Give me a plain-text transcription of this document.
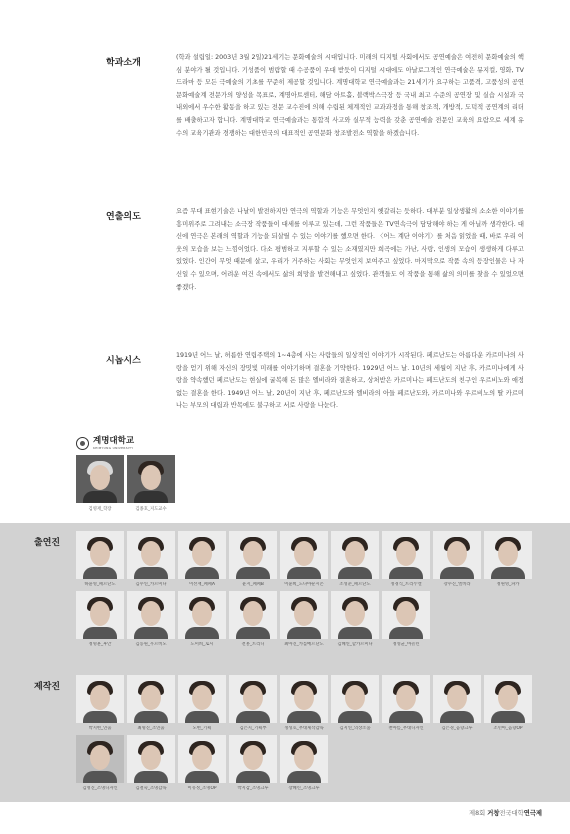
학과소개

(학과 설립일: 2003년 3월 2일)21세기는 문화예술의 시대입니다. 미래의 디지털 사회에서도 공연예술은 여전히 문화예술의 핵심 분야가 될 것입니다. 기성품이 범람할 때 수공품이 우대 받듯이 디지털 시대에도 아날로그적인 연극예술은 뮤지컬, 영화, TV드라마 등 모든 극예술의 기초를 꾸준히 제공할 것입니다. 계명대학교 연극예술과는 21세기가 요구하는 고품격, 고품성의 공연문화예술계 전문가의 양성을 목표로, 계명아트센터, 해담 아트홀, 블랙박스극장 등 국내 최고 수준의 공연장 및 실습 시설과 국내외에서 우수한 활동을 하고 있는 전문 교수진에 의해 수립된 체계적인 교과과정을 통해 창조적, 개방적, 도덕적 공연계의 리더를 배출하고자 합니다. 계명대학교 연극예술과는 통합적 사고와 실무적 능력을 갖춘 공연예술 전문인 교육의 요람으로 세계 유수의 교육기관과 경쟁하는 대한민국의 대표적인 공연문화 창조발전소 역할을 하겠습니다.

연출의도

요즘 무대 표현기술은 나날이 발전하지만 연극의 역할과 기능은 무엇인지 헷갈리는 듯하다. 대부분 일상생활의 소소한 이야기를 흥미위주로 그려내는 소극장 작품들이 대세를 이루고 있는데, 그런 작품들은 TV연속극이 담당해야 하는 게 아닐까 생각한다. 대신에 연극은 본래의 역할과 기능을 되살릴 수 있는 이야기를 했으면 한다. 〈어느 계단 이야기〉를 처음 읽었을 때, 바로 우리 이웃의 모습을 보는 느낌이었다. 다소 평범하고 지루할 수 있는 소재였지만 희곡에는 가난, 사랑, 인생의 모습이 생생하게 다루고 있었다. 인간이 무엇 때문에 살고, 우리가 거주하는 사회는 무엇인지 보여주고 싶었다. 마지막으로 작품 속의 등장인물은 나 자신일 수 있으며, 어려운 여건 속에서도 삶의 희망을 발견해내고 싶었다. 관객들도 이 작품을 통해 삶의 의미를 찾을 수 있었으면 좋겠다.

시놉시스

1919년 어느 날, 허름한 연립주택의 1~4층에 사는 사람들의 일상적인 이야기가 시작된다. 페르난도는 아름다운 카르미나의 사랑을 얻기 위해 자신의 장밋빛 미래를 이야기하며 결혼을 기약한다. 1929년 어느 날. 10년의 세월이 지난 후, 카르미나에게 사랑을 약속했던 페르난도는 현실에 굴복해 돈 많은 엘비라와 결혼하고, 상처받은 카르미나는 페드난도의 친구인 우르비노와 애정 없는 결혼을 한다. 1949년 어느 날, 20년이 지난 후, 페르난도와 엘비라의 아들 페르난도와, 카르미나와 우르비노의 딸 카르미나는 부모의 대립과 반목에도 불구하고 서로 사랑을 나눈다.

계명대학교
KEIMYUNG UNIVERSITY
김영재_학장	김종호_지도교수
출연진
하윤영_페르난도	김수연_카르미나	이선재_페페A	윤지_페페B	이윤희_도나아순시온	조성준_페르난도	정경식_트리누엘	강수진_엘비라	정원영_파카
정명훈_후안	김동원_우르비노	도미희_로시	전홍_트리니	최아진_카를메르난도	김혜연_할카르미나	정성균_마놀린
제작진
박지현_연출	최명진_조연출	노현_기획	김은지_기획부	정성호_무대제작감독	김지연_의상소품	천아름_무대디자인	김은경_음향크루	조민아_음향OP
김영진_조명디자인	김철숙_조명감독	이유정_조명OP	박지감_조명크루	장혜린_조명크루
제8회 거창전국대학연극제
